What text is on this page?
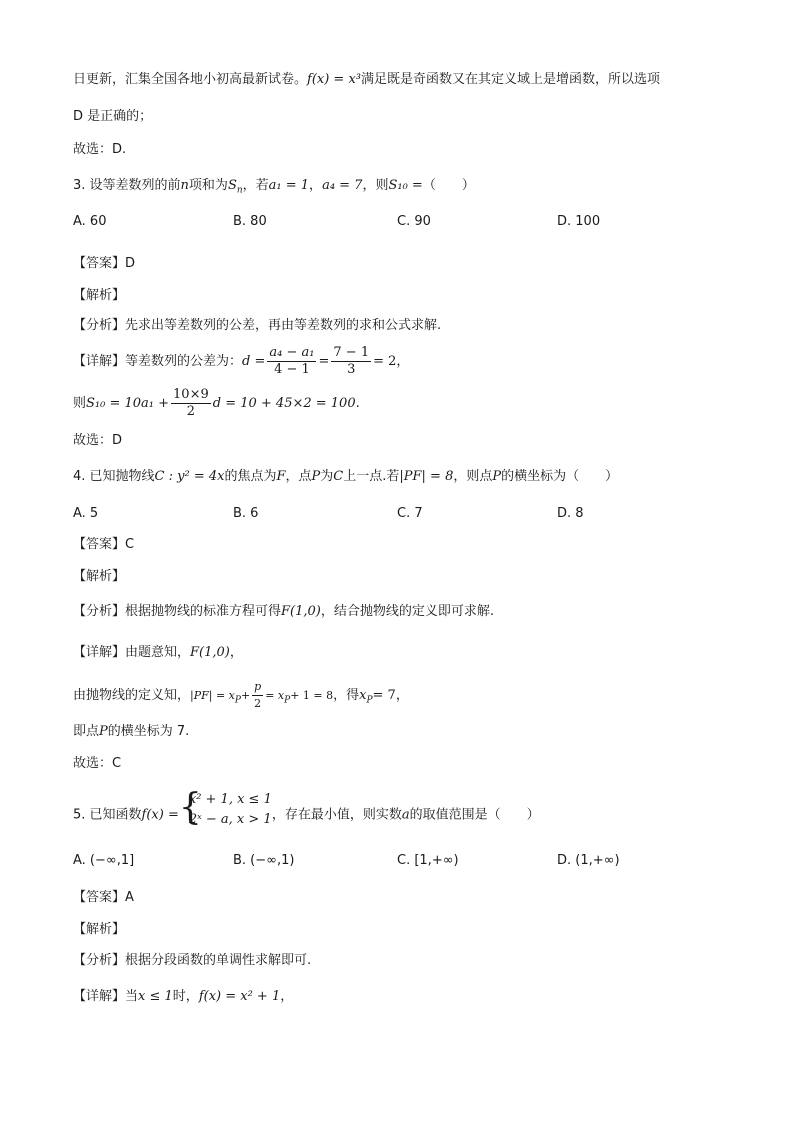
日更新，汇集全国各地小初高最新试卷。f(x) = x³满足既是奇函数又在其定义域上是增函数，所以选项
D 是正确的；
故选：D.
3. 设等差数列的前n项和为$S_n$，若a₁ = 1，a₄ = 7，则S₁₀ =（　　）
A. 60	B. 80	C. 90	D. 100
【答案】D
【解析】
【分析】先求出等差数列的公差，再由等差数列的求和公式求解.
【详解】等差数列的公差为：$d = \frac{\text{a₄ − a₁}}{4 - 1} = \frac{7 - 1}{3} = 2$，
则$S_{10} = 10a_1 + \frac{10\times 9}{2}$ d = 10 + 45×2 = 100.
故选：D
4. 已知抛物线C : y² = 4x的焦点为F，点P为C上一点.若|PF| = 8，则点P的横坐标为（　　）
A. 5	B. 6	C. 7	D. 8
【答案】C
【解析】
【分析】根据抛物线的标准方程可得F(1,0)，结合抛物线的定义即可求解.
【详解】由题意知，F(1,0)，
由抛物线的定义知，$|PF| = x_P+ \frac{p}{2} = x_P+ 1 = 8$，得$x_P= 7$，
即点P的横坐标为 7.
故选：C
5. 已知函数f(x) = {
x² + 1, x ≤ 1
2ˣ − a, x > 1 ，存在最小值，则实数a的取值范围是（　　）
A. (−∞,1]	B. (−∞,1)	C. [1,+∞)	D. (1,+∞)
【答案】A
【解析】
【分析】根据分段函数的单调性求解即可.
【详解】当x ≤ 1时，f(x) = x² + 1，
